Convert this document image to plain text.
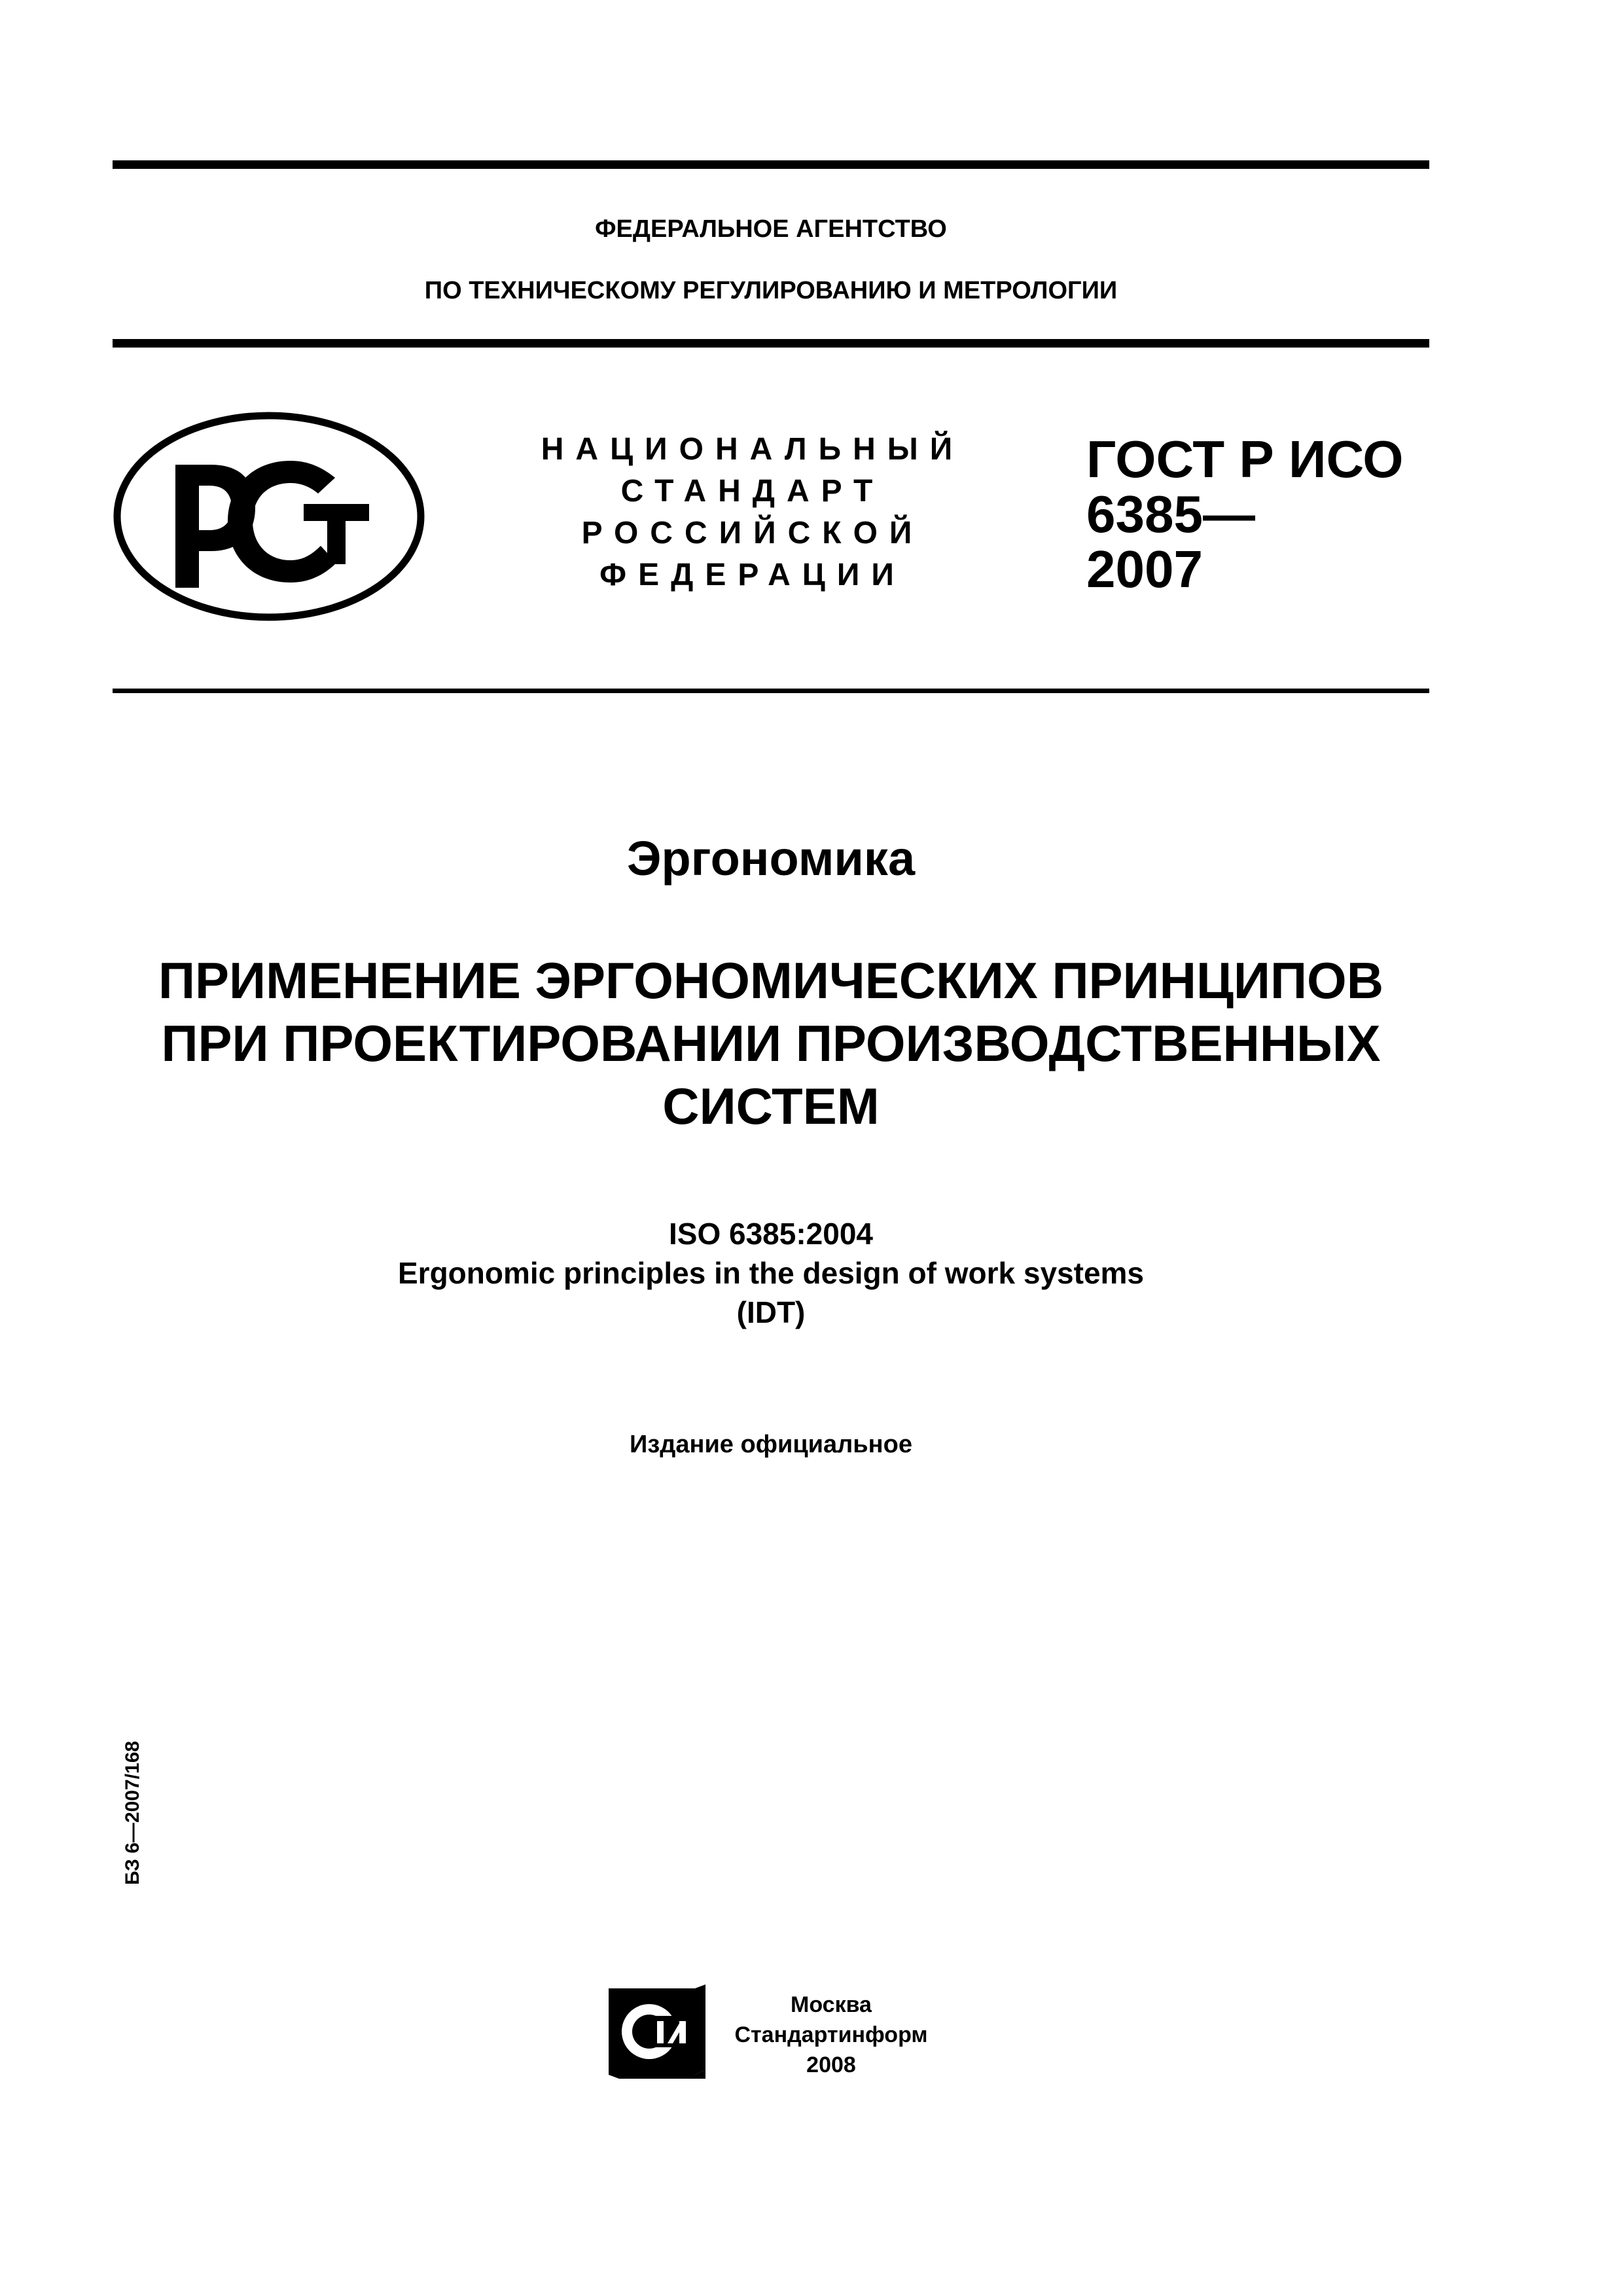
ФЕДЕРАЛЬНОЕ АГЕНТСТВО
ПО ТЕХНИЧЕСКОМУ РЕГУЛИРОВАНИЮ И МЕТРОЛОГИИ
НАЦИОНАЛЬНЫЙ
СТАНДАРТ
РОССИЙСКОЙ
ФЕДЕРАЦИИ
ГОСТ Р ИСО
6385—
2007
Эргономика
ПРИМЕНЕНИЕ ЭРГОНОМИЧЕСКИХ ПРИНЦИПОВ
ПРИ ПРОЕКТИРОВАНИИ ПРОИЗВОДСТВЕННЫХ
СИСТЕМ
ISO 6385:2004
Ergonomic principles in the design of work systems
(IDT)
Издание официальное
БЗ 6—2007/168
Москва
Стандартинформ
2008
